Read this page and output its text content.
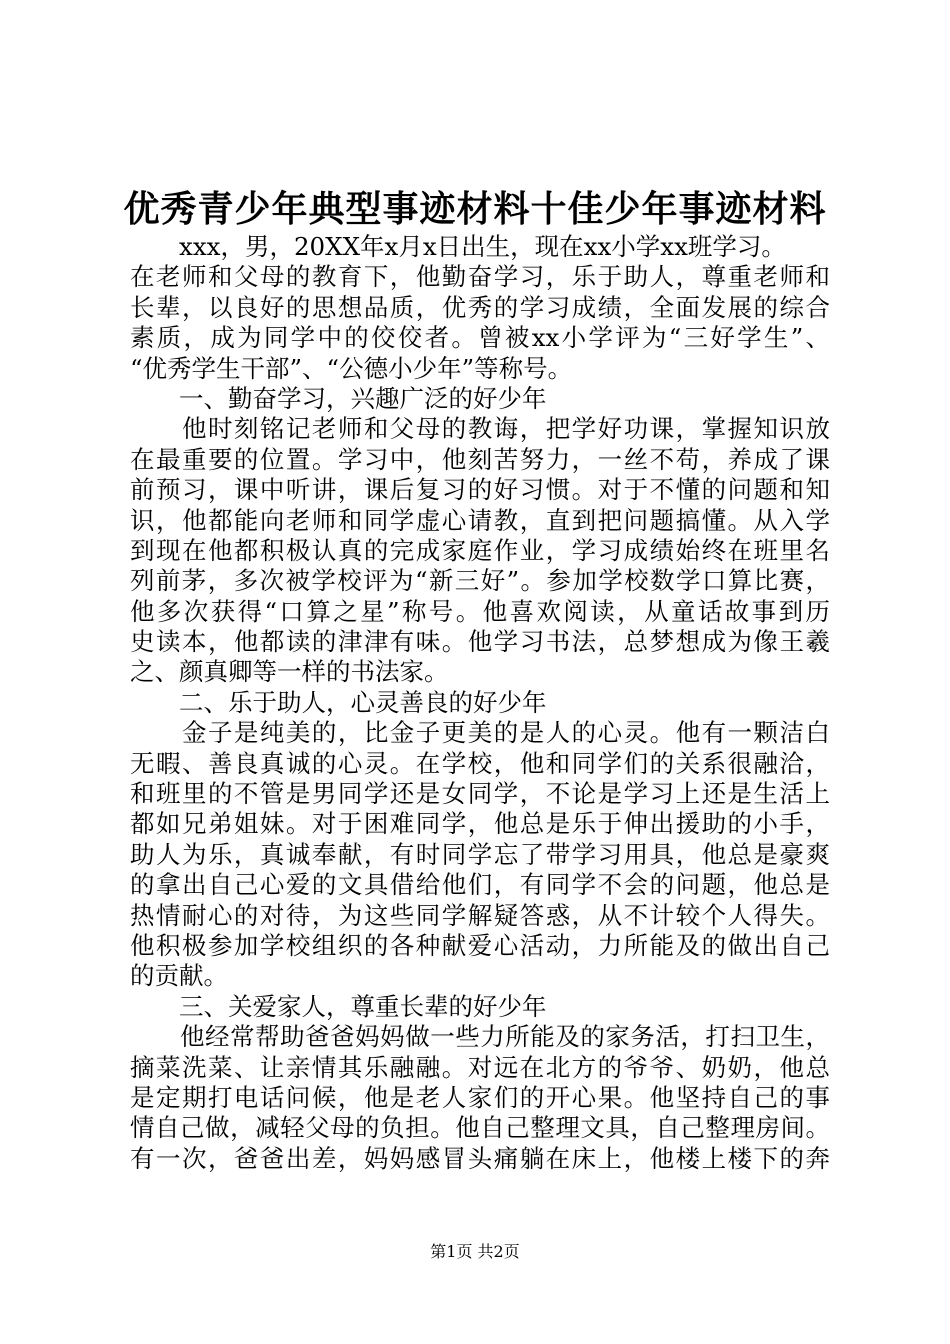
优秀青少年典型事迹材料十佳少年事迹材料
　　xxx，男，20XX年x月x日出生，现在xx小学xx班学习。
在老师和父母的教育下，他勤奋学习，乐于助人，尊重老师和
长辈，以良好的思想品质，优秀的学习成绩，全面发展的综合
素质，成为同学中的佼佼者。曾被xx小学评为“三好学生”、
“优秀学生干部”、“公德小少年”等称号。
　　一、勤奋学习，兴趣广泛的好少年
　　他时刻铭记老师和父母的教诲，把学好功课，掌握知识放
在最重要的位置。学习中，他刻苦努力，一丝不苟，养成了课
前预习，课中听讲，课后复习的好习惯。对于不懂的问题和知
识，他都能向老师和同学虚心请教，直到把问题搞懂。从入学
到现在他都积极认真的完成家庭作业，学习成绩始终在班里名
列前茅，多次被学校评为“新三好”。参加学校数学口算比赛，
他多次获得“口算之星”称号。他喜欢阅读，从童话故事到历
史读本，他都读的津津有味。他学习书法，总梦想成为像王羲
之、颜真卿等一样的书法家。
　　二、乐于助人，心灵善良的好少年
　　金子是纯美的，比金子更美的是人的心灵。他有一颗洁白
无暇、善良真诚的心灵。在学校，他和同学们的关系很融洽，
和班里的不管是男同学还是女同学，不论是学习上还是生活上
都如兄弟姐妹。对于困难同学，他总是乐于伸出援助的小手，
助人为乐，真诚奉献，有时同学忘了带学习用具，他总是豪爽
的拿出自己心爱的文具借给他们，有同学不会的问题，他总是
热情耐心的对待，为这些同学解疑答惑，从不计较个人得失。
他积极参加学校组织的各种献爱心活动，力所能及的做出自己
的贡献。
　　三、关爱家人，尊重长辈的好少年
　　他经常帮助爸爸妈妈做一些力所能及的家务活，打扫卫生，
摘菜洗菜、让亲情其乐融融。对远在北方的爷爷、奶奶，他总
是定期打电话问候，他是老人家们的开心果。他坚持自己的事
情自己做，减轻父母的负担。他自己整理文具，自己整理房间。
有一次，爸爸出差，妈妈感冒头痛躺在床上，他楼上楼下的奔
第1页 共2页
